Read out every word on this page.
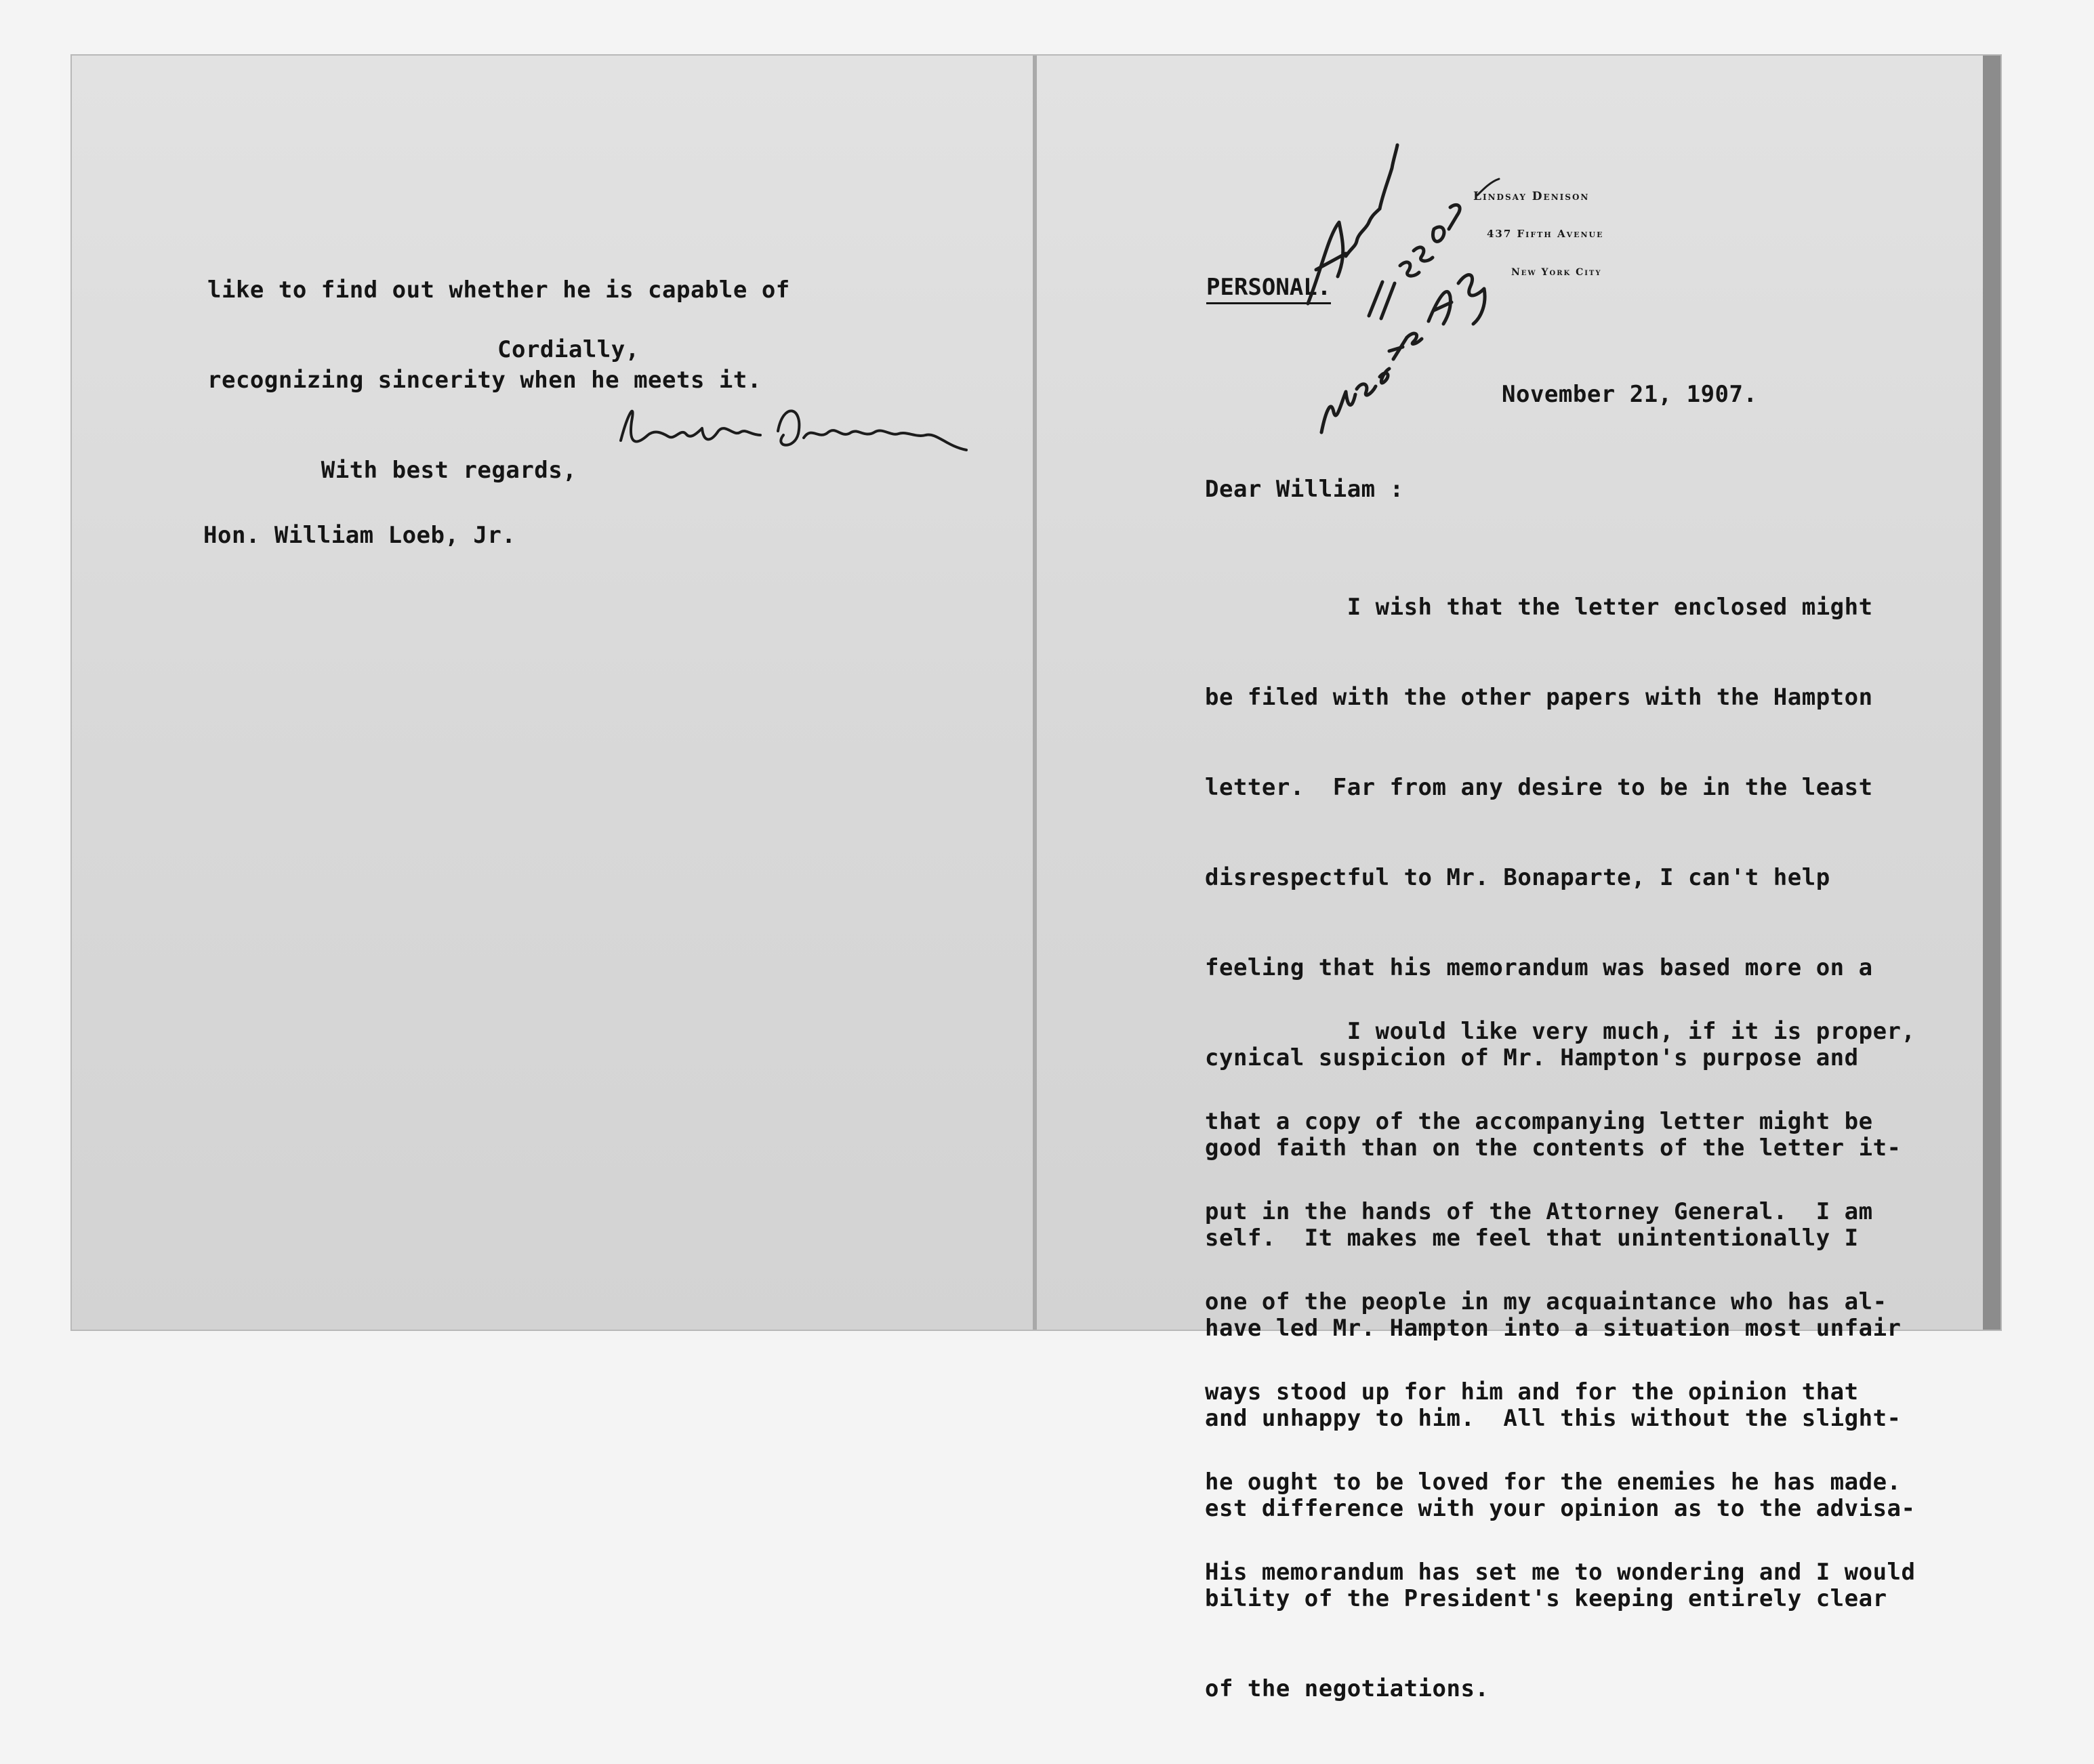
like to find out whether he is capable of

recognizing sincerity when he meets it.

With best regards,

Cordially,
Hon. William Loeb, Jr.
Lindsay Denison
437 Fifth Avenue
New York City
PERSONAL.
November 21, 1907.
Dear William :

I wish that the letter enclosed might

be filed with the other papers with the Hampton

letter.  Far from any desire to be in the least

disrespectful to Mr. Bonaparte, I can't help

feeling that his memorandum was based more on a

cynical suspicion of Mr. Hampton's purpose and

good faith than on the contents of the letter it-

self.  It makes me feel that unintentionally I

have led Mr. Hampton into a situation most unfair

and unhappy to him.  All this without the slight-

est difference with your opinion as to the advisa-

bility of the President's keeping entirely clear

of the negotiations.

I would like very much, if it is proper,

that a copy of the accompanying letter might be

put in the hands of the Attorney General.  I am

one of the people in my acquaintance who has al-

ways stood up for him and for the opinion that

he ought to be loved for the enemies he has made.

His memorandum has set me to wondering and I would
